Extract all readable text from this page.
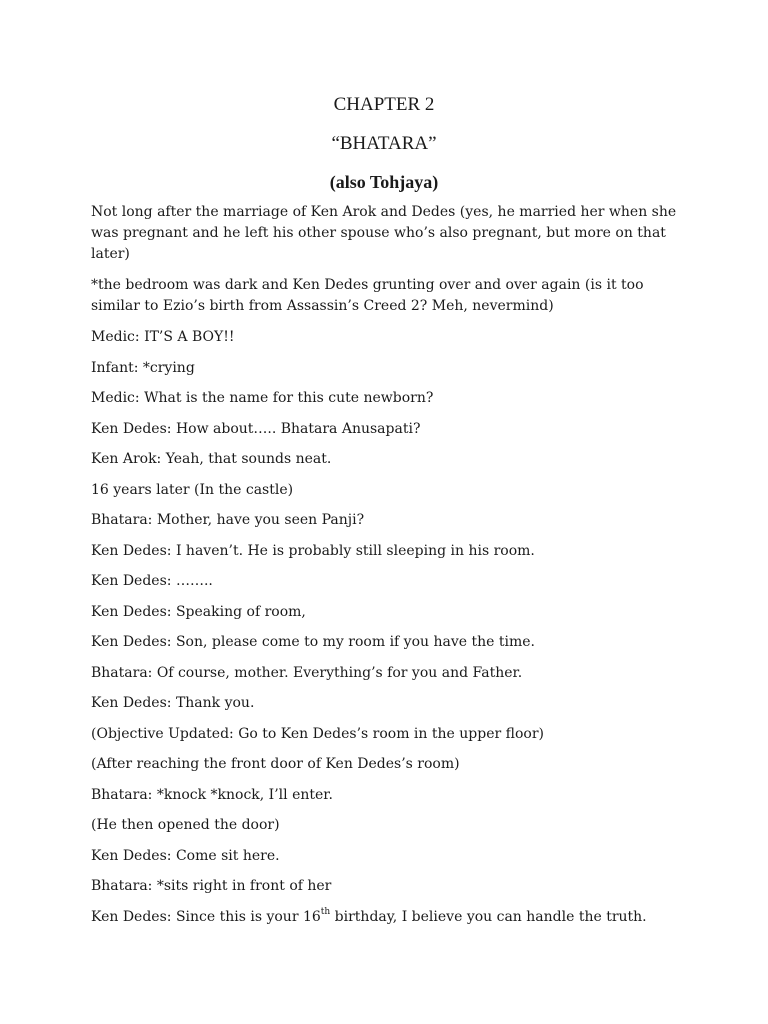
CHAPTER 2
“BHATARA”
(also Tohjaya)

Not long after the marriage of Ken Arok and Dedes (yes, he married her when she was pregnant and he left his other spouse who’s also pregnant, but more on that later)

*the bedroom was dark and Ken Dedes grunting over and over again (is it too similar to Ezio’s birth from Assassin’s Creed 2? Meh, nevermind)

Medic: IT’S A BOY!!

Infant: *crying

Medic: What is the name for this cute newborn?

Ken Dedes: How about….. Bhatara Anusapati?

Ken Arok: Yeah, that sounds neat.

16 years later (In the castle)

Bhatara: Mother, have you seen Panji?

Ken Dedes: I haven’t. He is probably still sleeping in his room.

Ken Dedes: ……..

Ken Dedes: Speaking of room,

Ken Dedes: Son, please come to my room if you have the time.

Bhatara: Of course, mother. Everything’s for you and Father.

Ken Dedes: Thank you.

(Objective Updated: Go to Ken Dedes’s room in the upper floor)

(After reaching the front door of Ken Dedes’s room)

Bhatara: *knock *knock, I’ll enter.

(He then opened the door)

Ken Dedes: Come sit here.

Bhatara: *sits right in front of her

Ken Dedes: Since this is your 16th birthday, I believe you can handle the truth.
